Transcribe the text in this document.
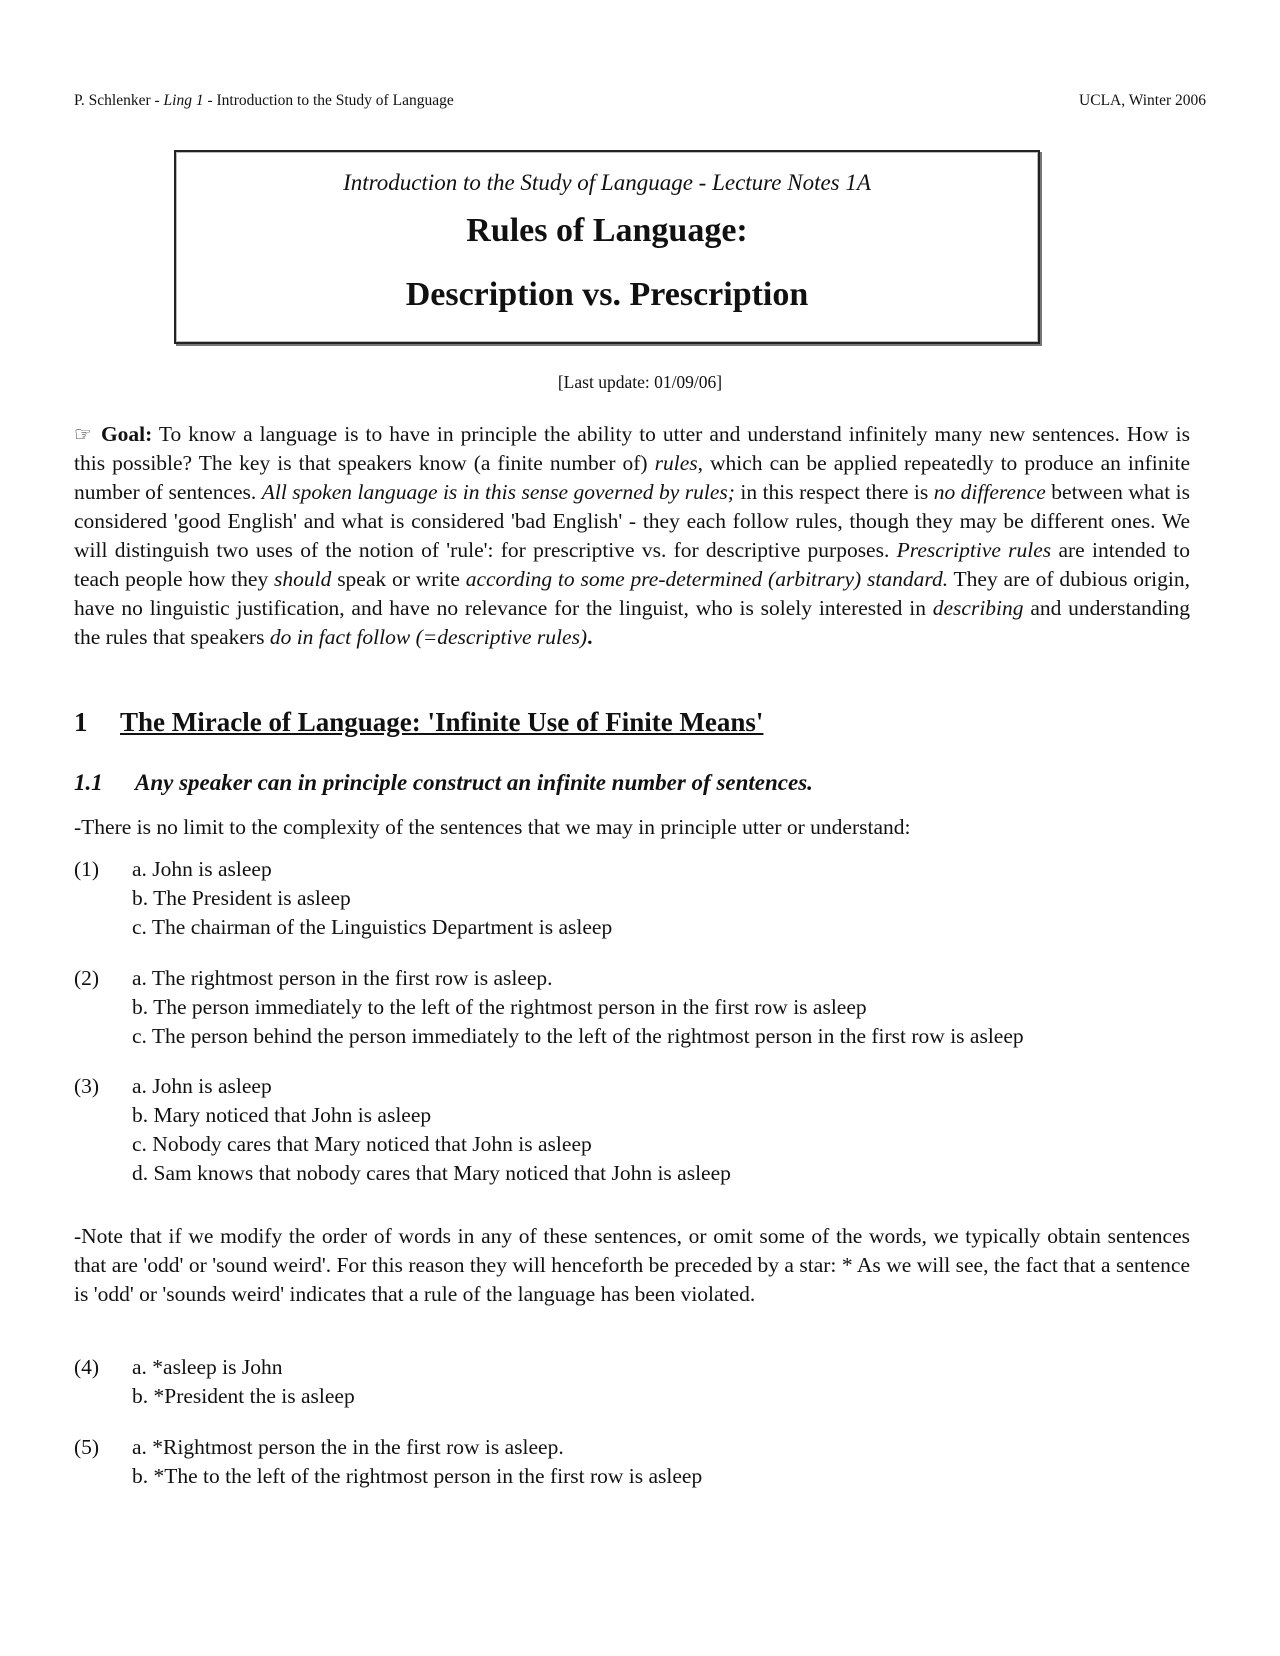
P. Schlenker - Ling 1 - Introduction to the Study of Language	UCLA, Winter 2006
Introduction to the Study of Language - Lecture Notes 1A
Rules of Language:
Description vs. Prescription
[Last update: 01/09/06]
☞ Goal: To know a language is to have in principle the ability to utter and understand infinitely many new sentences. How is this possible? The key is that speakers know (a finite number of) rules, which can be applied repeatedly to produce an infinite number of sentences. All spoken language is in this sense governed by rules; in this respect there is no difference between what is considered 'good English' and what is considered 'bad English' - they each follow rules, though they may be different ones. We will distinguish two uses of the notion of 'rule': for prescriptive vs. for descriptive purposes. Prescriptive rules are intended to teach people how they should speak or write according to some pre-determined (arbitrary) standard. They are of dubious origin, have no linguistic justification, and have no relevance for the linguist, who is solely interested in describing and understanding the rules that speakers do in fact follow (=descriptive rules).
1 The Miracle of Language: 'Infinite Use of Finite Means'
1.1 Any speaker can in principle construct an infinite number of sentences.
-There is no limit to the complexity of the sentences that we may in principle utter or understand:
(1) a. John is asleep
b. The President is asleep
c. The chairman of the Linguistics Department is asleep
(2) a. The rightmost person in the first row is asleep.
b. The person immediately to the left of the rightmost person in the first row is asleep
c. The person behind the person immediately to the left of the rightmost person in the first row is asleep
(3) a. John is asleep
b. Mary noticed that John is asleep
c. Nobody cares that Mary noticed that John is asleep
d. Sam knows that nobody cares that Mary noticed that John is asleep
-Note that if we modify the order of words in any of these sentences, or omit some of the words, we typically obtain sentences that are 'odd' or 'sound weird'. For this reason they will henceforth be preceded by a star: * As we will see, the fact that a sentence is 'odd' or 'sounds weird' indicates that a rule of the language has been violated.
(4) a. *asleep is John
b. *President the is asleep
(5) a. *Rightmost person the in the first row is asleep.
b. *The to the left of the rightmost person in the first row is asleep
